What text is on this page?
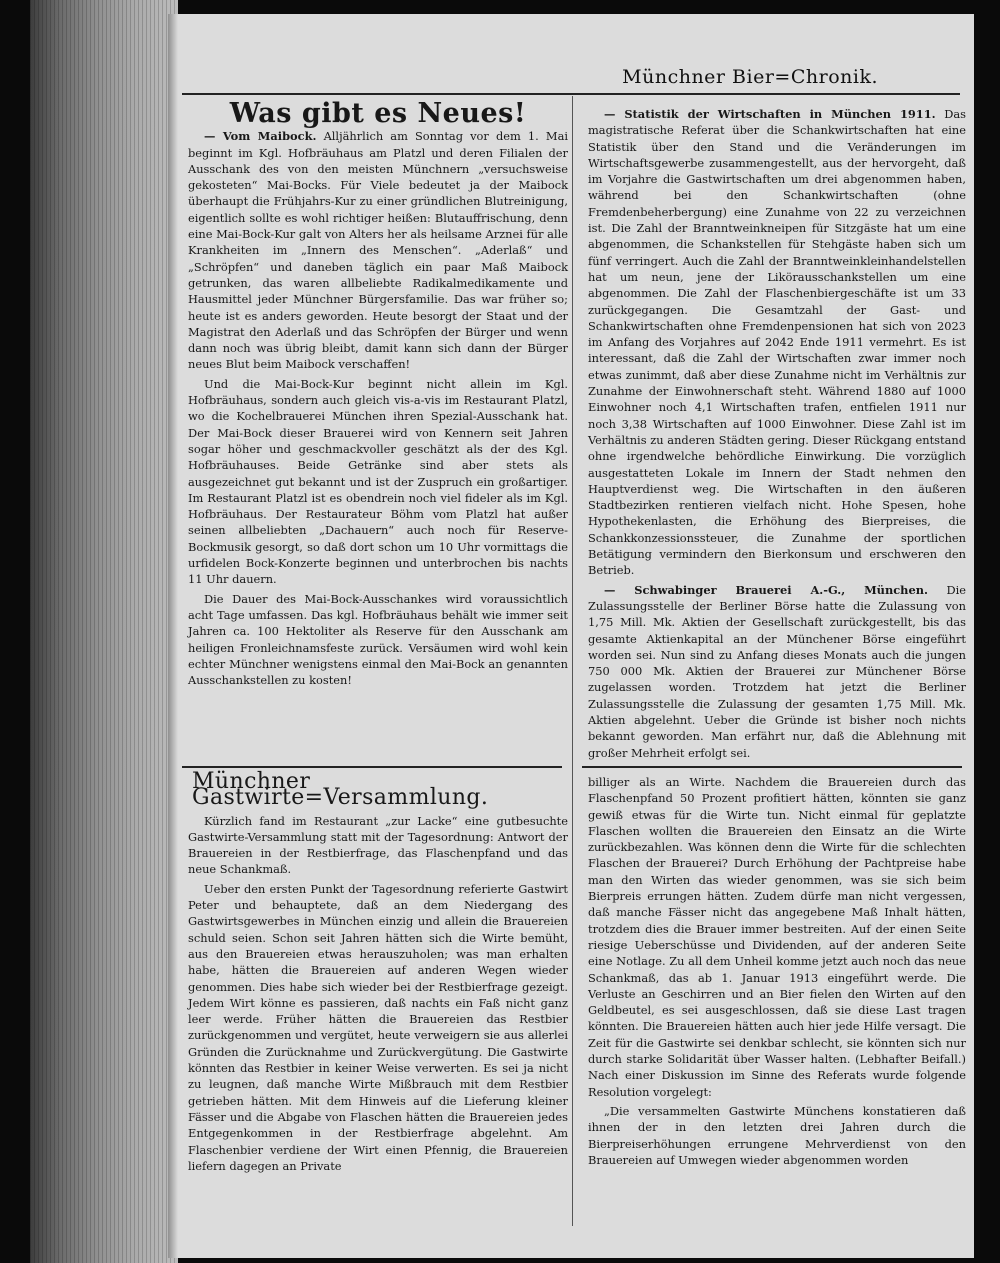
Münchner Bier=Chronik.
Was gibt es Neues!

— Vom Maibock. Alljährlich am Sonntag vor dem 1. Mai beginnt im Kgl. Hofbräuhaus am Platzl und deren Filialen der Ausschank des von den meisten Münchnern „versuchsweise gekosteten“ Mai-Bocks. Für Viele bedeutet ja der Maibock überhaupt die Frühjahrs-Kur zu einer gründlichen Blutreinigung, eigentlich sollte es wohl richtiger heißen: Blutauffrischung, denn eine Mai-Bock-Kur galt von Alters her als heilsame Arznei für alle Krankheiten im „Innern des Menschen“. „Aderlaß“ und „Schröpfen“ und daneben täglich ein paar Maß Maibock getrunken, das waren allbeliebte Radikalmedikamente und Hausmittel jeder Münchner Bürgersfamilie. Das war früher so; heute ist es anders geworden. Heute besorgt der Staat und der Magistrat den Aderlaß und das Schröpfen der Bürger und wenn dann noch was übrig bleibt, damit kann sich dann der Bürger neues Blut beim Maibock verschaffen!

Und die Mai-Bock-Kur beginnt nicht allein im Kgl. Hofbräuhaus, sondern auch gleich vis-a-vis im Restaurant Platzl, wo die Kochelbrauerei München ihren Spezial-Ausschank hat. Der Mai-Bock dieser Brauerei wird von Kennern seit Jahren sogar höher und geschmackvoller geschätzt als der des Kgl. Hofbräuhauses. Beide Getränke sind aber stets als ausgezeichnet gut bekannt und ist der Zuspruch ein großartiger. Im Restaurant Platzl ist es obendrein noch viel fideler als im Kgl. Hofbräuhaus. Der Restaurateur Böhm vom Platzl hat außer seinen allbeliebten „Dachauern“ auch noch für Reserve-Bockmusik gesorgt, so daß dort schon um 10 Uhr vormittags die urfidelen Bock-Konzerte beginnen und unterbrochen bis nachts 11 Uhr dauern.

Die Dauer des Mai-Bock-Ausschankes wird voraussichtlich acht Tage umfassen. Das kgl. Hofbräuhaus behält wie immer seit Jahren ca. 100 Hektoliter als Reserve für den Ausschank am heiligen Fronleichnamsfeste zurück. Versäumen wird wohl kein echter Münchner wenigstens einmal den Mai-Bock an genannten Ausschankstellen zu kosten!

— Statistik der Wirtschaften in München 1911. Das magistratische Referat über die Schankwirtschaften hat eine Statistik über den Stand und die Veränderungen im Wirtschaftsgewerbe zusammengestellt, aus der hervorgeht, daß im Vorjahre die Gastwirtschaften um drei abgenommen haben, während bei den Schankwirtschaften (ohne Fremdenbeherbergung) eine Zunahme von 22 zu verzeichnen ist. Die Zahl der Branntweinkneipen für Sitzgäste hat um eine abgenommen, die Schankstellen für Stehgäste haben sich um fünf verringert. Auch die Zahl der Branntweinkleinhandelstellen hat um neun, jene der Likörausschankstellen um eine abgenommen. Die Zahl der Flaschenbiergeschäfte ist um 33 zurückgegangen. Die Gesamtzahl der Gast- und Schankwirtschaften ohne Fremdenpensionen hat sich von 2023 im Anfang des Vorjahres auf 2042 Ende 1911 vermehrt. Es ist interessant, daß die Zahl der Wirtschaften zwar immer noch etwas zunimmt, daß aber diese Zunahme nicht im Verhältnis zur Zunahme der Einwohnerschaft steht. Während 1880 auf 1000 Einwohner noch 4,1 Wirtschaften trafen, entfielen 1911 nur noch 3,38 Wirtschaften auf 1000 Einwohner. Diese Zahl ist im Verhältnis zu anderen Städten gering. Dieser Rückgang entstand ohne irgendwelche behördliche Einwirkung. Die vorzüglich ausgestatteten Lokale im Innern der Stadt nehmen den Hauptverdienst weg. Die Wirtschaften in den äußeren Stadtbezirken rentieren vielfach nicht. Hohe Spesen, hohe Hypothekenlasten, die Erhöhung des Bierpreises, die Schankkonzessionssteuer, die Zunahme der sportlichen Betätigung vermindern den Bierkonsum und erschweren den Betrieb.

— Schwabinger Brauerei A.-G., München. Die Zulassungsstelle der Berliner Börse hatte die Zulassung von 1,75 Mill. Mk. Aktien der Gesellschaft zurückgestellt, bis das gesamte Aktienkapital an der Münchener Börse eingeführt worden sei. Nun sind zu Anfang dieses Monats auch die jungen 750 000 Mk. Aktien der Brauerei zur Münchener Börse zugelassen worden. Trotzdem hat jetzt die Berliner Zulassungsstelle die Zulassung der gesamten 1,75 Mill. Mk. Aktien abgelehnt. Ueber die Gründe ist bisher noch nichts bekannt geworden. Man erfährt nur, daß die Ablehnung mit großer Mehrheit erfolgt sei.

Münchner Gastwirte=Versammlung.

Kürzlich fand im Restaurant „zur Lacke“ eine gutbesuchte Gastwirte-Versammlung statt mit der Tagesordnung: Antwort der Brauereien in der Restbierfrage, das Flaschenpfand und das neue Schankmaß.

Ueber den ersten Punkt der Tagesordnung referierte Gastwirt Peter und behauptete, daß an dem Niedergang des Gastwirtsgewerbes in München einzig und allein die Brauereien schuld seien. Schon seit Jahren hätten sich die Wirte bemüht, aus den Brauereien etwas herauszuholen; was man erhalten habe, hätten die Brauereien auf anderen Wegen wieder genommen. Dies habe sich wieder bei der Restbierfrage gezeigt. Jedem Wirt könne es passieren, daß nachts ein Faß nicht ganz leer werde. Früher hätten die Brauereien das Restbier zurückgenommen und vergütet, heute verweigern sie aus allerlei Gründen die Zurücknahme und Zurückvergütung. Die Gastwirte könnten das Restbier in keiner Weise verwerten. Es sei ja nicht zu leugnen, daß manche Wirte Mißbrauch mit dem Restbier getrieben hätten. Mit dem Hinweis auf die Lieferung kleiner Fässer und die Abgabe von Flaschen hätten die Brauereien jedes Entgegenkommen in der Restbierfrage abgelehnt. Am Flaschenbier verdiene der Wirt einen Pfennig, die Brauereien liefern dagegen an Private

billiger als an Wirte. Nachdem die Brauereien durch das Flaschenpfand 50 Prozent profitiert hätten, könnten sie ganz gewiß etwas für die Wirte tun. Nicht einmal für geplatzte Flaschen wollten die Brauereien den Einsatz an die Wirte zurückbezahlen. Was können denn die Wirte für die schlechten Flaschen der Brauerei? Durch Erhöhung der Pachtpreise habe man den Wirten das wieder genommen, was sie sich beim Bierpreis errungen hätten. Zudem dürfe man nicht vergessen, daß manche Fässer nicht das angegebene Maß Inhalt hätten, trotzdem dies die Brauer immer bestreiten. Auf der einen Seite riesige Ueberschüsse und Dividenden, auf der anderen Seite eine Notlage. Zu all dem Unheil komme jetzt auch noch das neue Schankmaß, das ab 1. Januar 1913 eingeführt werde. Die Verluste an Geschirren und an Bier fielen den Wirten auf den Geldbeutel, es sei ausgeschlossen, daß sie diese Last tragen könnten. Die Brauereien hätten auch hier jede Hilfe versagt. Die Zeit für die Gastwirte sei denkbar schlecht, sie könnten sich nur durch starke Solidarität über Wasser halten. (Lebhafter Beifall.) Nach einer Diskussion im Sinne des Referats wurde folgende Resolution vorgelegt:

„Die versammelten Gastwirte Münchens konstatieren daß ihnen der in den letzten drei Jahren durch die Bierpreiserhöhungen errungene Mehrverdienst von den Brauereien auf Umwegen wieder abgenommen worden
